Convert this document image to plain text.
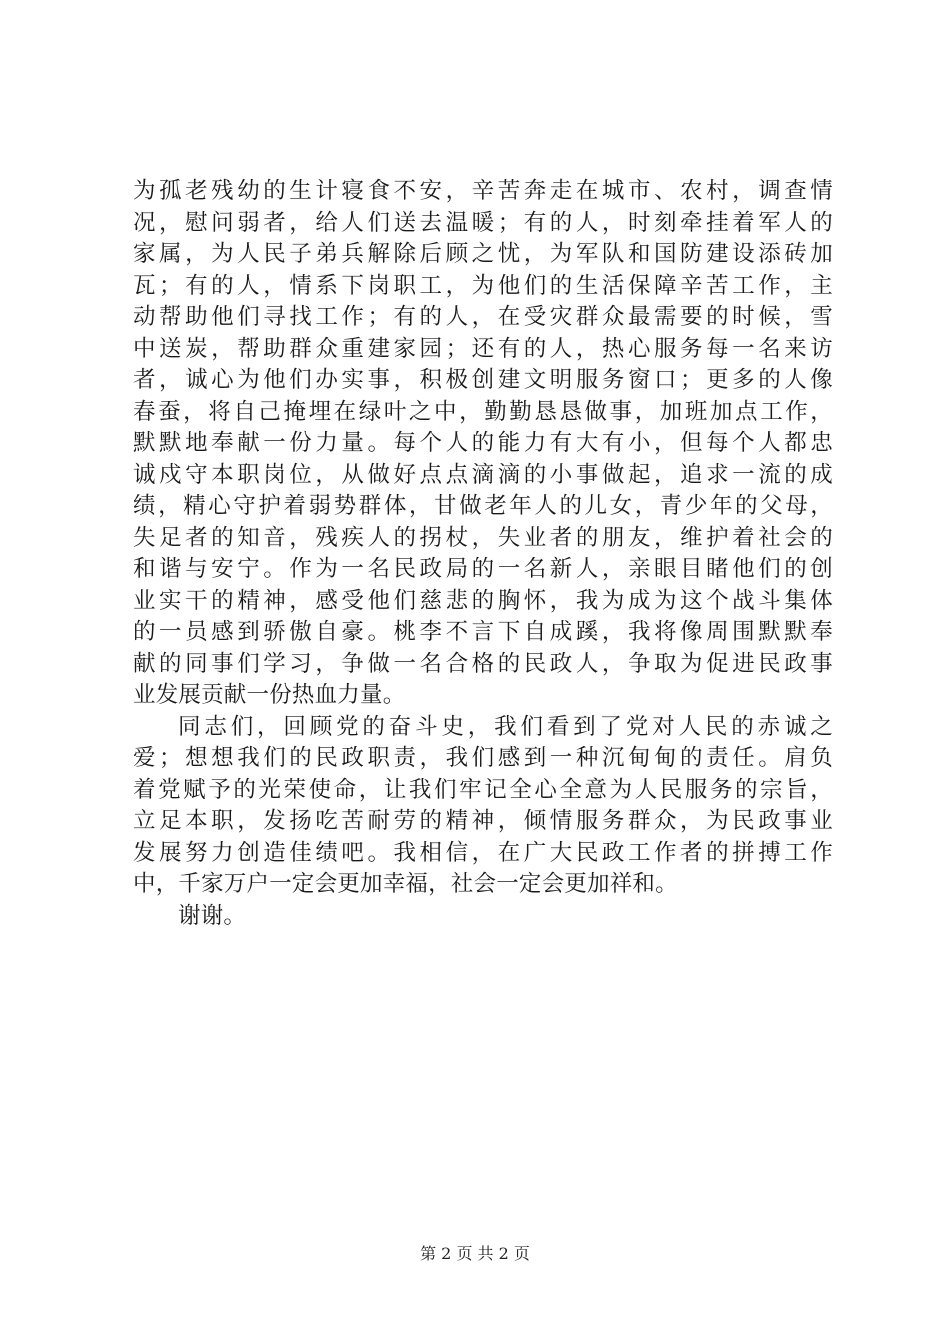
为孤老残幼的生计寝食不安，辛苦奔走在城市、农村，调查情
况，慰问弱者，给人们送去温暖；有的人，时刻牵挂着军人的
家属，为人民子弟兵解除后顾之忧，为军队和国防建设添砖加
瓦；有的人，情系下岗职工，为他们的生活保障辛苦工作，主
动帮助他们寻找工作；有的人，在受灾群众最需要的时候，雪
中送炭，帮助群众重建家园；还有的人，热心服务每一名来访
者，诚心为他们办实事，积极创建文明服务窗口；更多的人像
春蚕，将自己掩埋在绿叶之中，勤勤恳恳做事，加班加点工作，
默默地奉献一份力量。每个人的能力有大有小，但每个人都忠
诚戍守本职岗位，从做好点点滴滴的小事做起，追求一流的成
绩，精心守护着弱势群体，甘做老年人的儿女，青少年的父母，
失足者的知音，残疾人的拐杖，失业者的朋友，维护着社会的
和谐与安宁。作为一名民政局的一名新人，亲眼目睹他们的创
业实干的精神，感受他们慈悲的胸怀，我为成为这个战斗集体
的一员感到骄傲自豪。桃李不言下自成蹊，我将像周围默默奉
献的同事们学习，争做一名合格的民政人，争取为促进民政事
业发展贡献一份热血力量。
同志们，回顾党的奋斗史，我们看到了党对人民的赤诚之
爱；想想我们的民政职责，我们感到一种沉甸甸的责任。肩负
着党赋予的光荣使命，让我们牢记全心全意为人民服务的宗旨，
立足本职，发扬吃苦耐劳的精神，倾情服务群众，为民政事业
发展努力创造佳绩吧。我相信，在广大民政工作者的拼搏工作
中，千家万户一定会更加幸福，社会一定会更加祥和。
谢谢。
第 2 页 共 2 页
